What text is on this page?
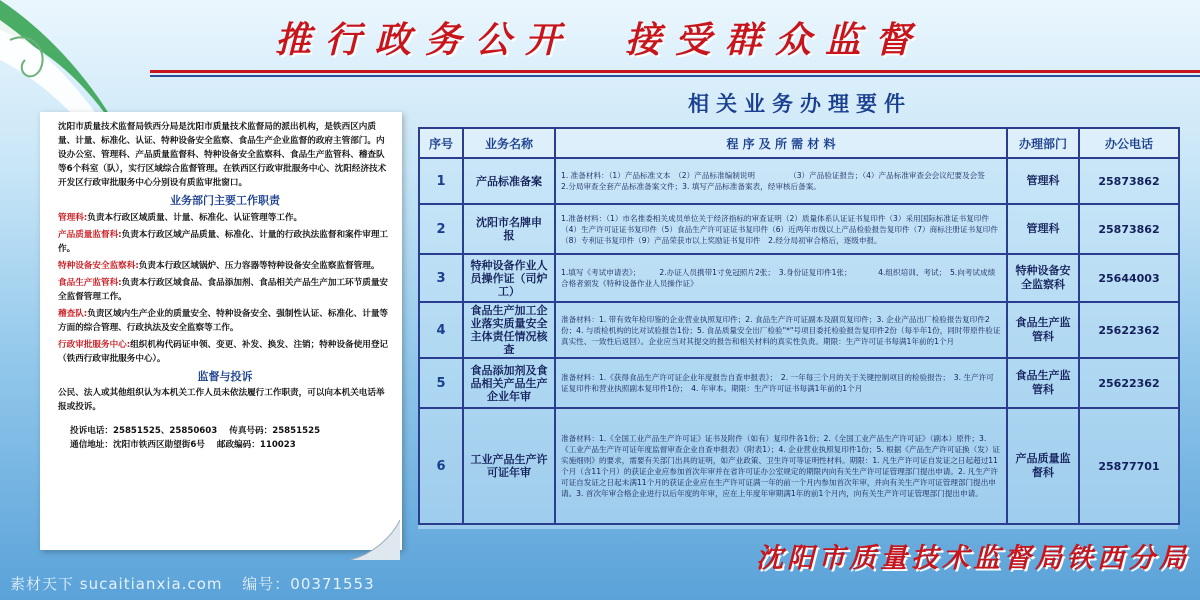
推行政务公开　接受群众监督

沈阳市质量技术监督局铁西分局是沈阳市质量技术监督局的派出机构，是铁西区内质量、计量、标准化、认证、特种设备安全监察、食品生产企业监督的政府主管部门。内设办公室、管理科、产品质量监督科、特种设备安全监察科、食品生产监管科、稽查队等6个科室（队），实行区域综合监督管理。在铁西区行政审批服务中心、沈阳经济技术开发区行政审批服务中心分别设有质监审批窗口。

业务部门主要工作职责
管理科:负责本行政区域质量、计量、标准化、认证管理等工作。
产品质量监督科:负责本行政区域产品质量、标准化、计量的行政执法监督和案件审理工作。
特种设备安全监察科:负责本行政区域锅炉、压力容器等特种设备安全监察监督管理。
食品生产监管科:负责本行政区域食品、食品添加剂、食品相关产品生产加工环节质量安全监督管理工作。
稽查队:负责区域内生产企业的质量安全、特种设备安全、强制性认证、标准化、计量等方面的综合管理、行政执法及安全监察等工作。
行政审批服务中心:组织机构代码证申领、变更、补发、换发、注销；特种设备使用登记（铁西行政审批服务中心）。
监督与投诉

公民、法人或其他组织认为本机关工作人员未依法履行工作职责，可以向本机关电话举报或投诉。

投诉电话：25851525、25850603 传真号码：25851525
通信地址：沈阳市铁西区勋望街6号 邮政编码：110023
相关业务办理要件
序号	业务名称	程 序 及 所 需 材 料	办理部门	办公电话
1	产品标准备案	1. 准备材料：（1）产品标准文本　（2）产品标准编制说明　　　　　（3）产品验证报告；（4）产品标准审查会会议纪要及会签　　2.分局审查全套产品标准备案文件；3. 填写产品标准备案表，经审核后备案。	管理科	25873862
2	沈阳市名牌申　报	1.准备材料：（1）市名推委相关成员单位关于经济指标的审查证明（2）质量体系认证证书复印件（3）采用国际标准证书复印件（4）生产许可证证书复印件（5）食品生产许可证证书复印件（6）近两年市级以上产品检验报告复印件（7）商标注册证书复印件（8）专利证书复印件（9）产品荣获市以上奖励证书复印件　2.经分局初审合格后，逐级申报。	管理科	25873862
3	特种设备作业人员操作证（司炉工）	1.填写《考试申请表》；　　　2.办证人员携带1寸免冠照片2张；　3.身份证复印件1张；　　　　4.组织培训、考试；　5.向考试成绩合格者颁发《特种设备作业人员操作证》	特种设备安全监察科	25644003
4	食品生产加工企业落实质量安全主体责任情况核查	准备材料：1. 带有效年检印鉴的企业营业执照复印件；2. 食品生产许可证副本及副页复印件；3. 企业产品出厂检验报告复印件2份；4. 与质检机构的比对试验报告1份；5. 食品质量安全出厂检验"*"号项目委托检验报告复印件2份（每半年1份，同时带原件验证真实性、一致性后返回）。企业应当对其提交的报告和相关材料的真实性负责。期限：生产许可证书每满1年前的1个月	食品生产监管科	25622362
5	食品添加剂及食品相关产品生产企业年审	准备材料：1.《获得食品生产许可证企业年度报告自查申报表》；　2. 一年每三个月的关于关键控制项目的检验报告；　3. 生产许可证复印件和营业执照副本复印件1份；　4. 年审本。期限：生产许可证书每满1年前的1个月	食品生产监管科	25622362
6	工业产品生产许可证年审	准备材料：1.《全国工业产品生产许可证》证书及附件（如有）复印件各1份；2.《全国工业产品生产许可证》（副本）原件；3.《工业产品生产许可证年度监督审查企业自查申报表》（附表1）；4. 企业营业执照复印件1份；5. 根据《产品生产许可证换（发）证实施细则》的要求，需要有关部门出具的证明，如产业政策、卫生许可等证明性材料。期限：1. 凡生产许可证自发证之日起超过11个月（含11个月）的获证企业应参加首次年审并在省许可证办公室规定的期限内向有关生产许可证管理部门提出申请。2. 凡生产许可证自发证之日起未满11个月的获证企业应在生产许可证满一年的前一个月内参加首次年审，并向有关生产许可证管理部门提出申请。3. 首次年审合格企业进行以后年度的年审，应在上年度年审期满1年的前1个月内，向有关生产许可证管理部门提出申请。	产品质量监督科	25877701
沈阳市质量技术监督局铁西分局
素材天下 sucaitianxia.com 编号：00371553
